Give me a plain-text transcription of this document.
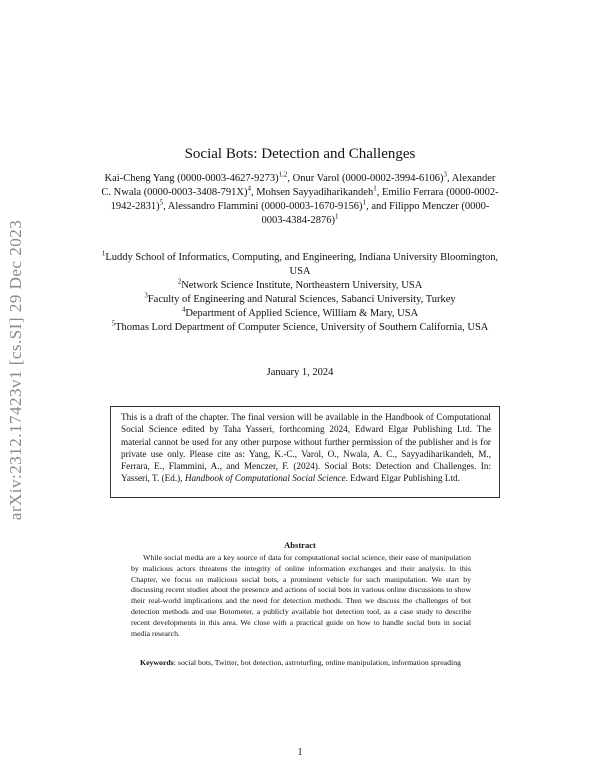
arXiv:2312.17423v1 [cs.SI] 29 Dec 2023
Social Bots: Detection and Challenges
Kai-Cheng Yang $(0000-0003-4627-9273)^{1,2}$, Onur Varol $(0000-0002-3994-6106)^3$, Alexander C. Nwala $(0000-0003-3408-791X)^4$, Mohsen Sayyadiharikandeh$^1$, Emilio Ferrara $(0000-0002-1942-2831)^5$, Alessandro Flammini $(0000-0003-1670-9156)^1$, and Filippo Menczer $(0000-0003-4384-2876)^1$
$^1$Luddy School of Informatics, Computing, and Engineering, Indiana University Bloomington, USA
$^2$Network Science Institute, Northeastern University, USA
$^3$Faculty of Engineering and Natural Sciences, Sabanci University, Turkey
$^4$Department of Applied Science, William & Mary, USA
$^5$Thomas Lord Department of Computer Science, University of Southern California, USA
January 1, 2024
This is a draft of the chapter. The final version will be available in the Handbook of Computational Social Science edited by Taha Yasseri, forthcoming 2024, Edward Elgar Publishing Ltd. The material cannot be used for any other purpose without further permission of the publisher and is for private use only. Please cite as: Yang, K.-C., Varol, O., Nwala, A. C., Sayyadiharikandeh, M., Ferrara, E., Flammini, A., and Menczer, F. (2024). Social Bots: Detection and Challenges. In: Yasseri, T. (Ed.), Handbook of Computational Social Science. Edward Elgar Publishing Ltd.
Abstract
While social media are a key source of data for computational social science, their ease of manipulation by malicious actors threatens the integrity of online information exchanges and their analysis. In this Chapter, we focus on malicious social bots, a prominent vehicle for such manipulation. We start by discussing recent studies about the presence and actions of social bots in various online discussions to show their real-world implications and the need for detection methods. Then we discuss the challenges of bot detection methods and use Botometer, a publicly available bot detection tool, as a case study to describe recent developments in this area. We close with a practical guide on how to handle social bots in social media research.
Keywords: social bots, Twitter, bot detection, astroturfing, online manipulation, information spreading
1
